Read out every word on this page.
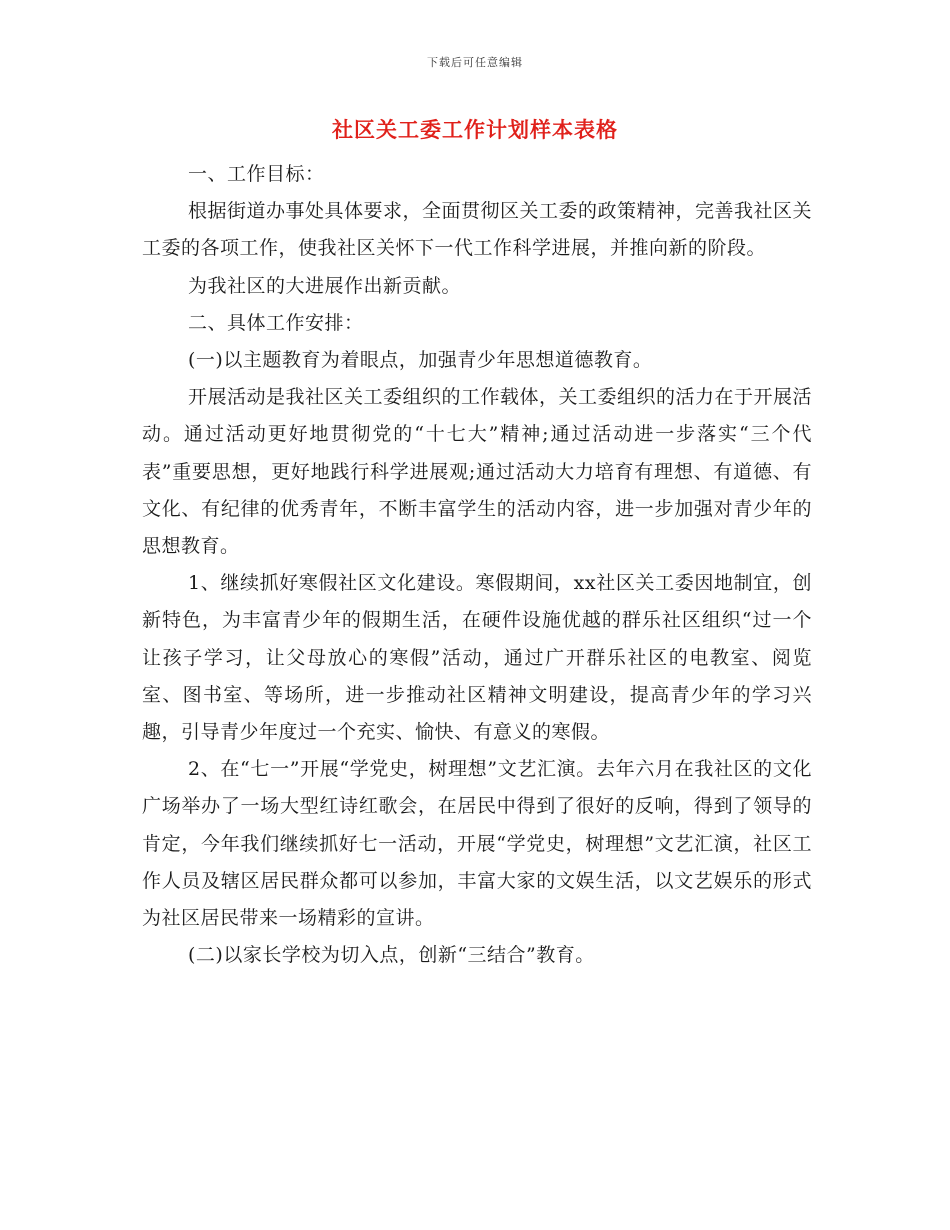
下载后可任意编辑
社区关工委工作计划样本表格

一、工作目标：

根据街道办事处具体要求，全面贯彻区关工委的政策精神，完善我社区关工委的各项工作，使我社区关怀下一代工作科学进展，并推向新的阶段。

为我社区的大进展作出新贡献。

二、具体工作安排：

(一)以主题教育为着眼点，加强青少年思想道德教育。

开展活动是我社区关工委组织的工作载体，关工委组织的活力在于开展活动。通过活动更好地贯彻党的“十七大”精神;通过活动进一步落实“三个代表”重要思想，更好地践行科学进展观;通过活动大力培育有理想、有道德、有文化、有纪律的优秀青年，不断丰富学生的活动内容，进一步加强对青少年的思想教育。

1、继续抓好寒假社区文化建设。寒假期间，xx社区关工委因地制宜，创新特色，为丰富青少年的假期生活，在硬件设施优越的群乐社区组织“过一个让孩子学习，让父母放心的寒假”活动，通过广开群乐社区的电教室、阅览室、图书室、等场所，进一步推动社区精神文明建设，提高青少年的学习兴趣，引导青少年度过一个充实、愉快、有意义的寒假。

2、在“七一”开展“学党史，树理想”文艺汇演。去年六月在我社区的文化广场举办了一场大型红诗红歌会，在居民中得到了很好的反响，得到了领导的肯定，今年我们继续抓好七一活动，开展“学党史，树理想”文艺汇演，社区工作人员及辖区居民群众都可以参加，丰富大家的文娱生活，以文艺娱乐的形式为社区居民带来一场精彩的宣讲。

(二)以家长学校为切入点，创新“三结合”教育。
